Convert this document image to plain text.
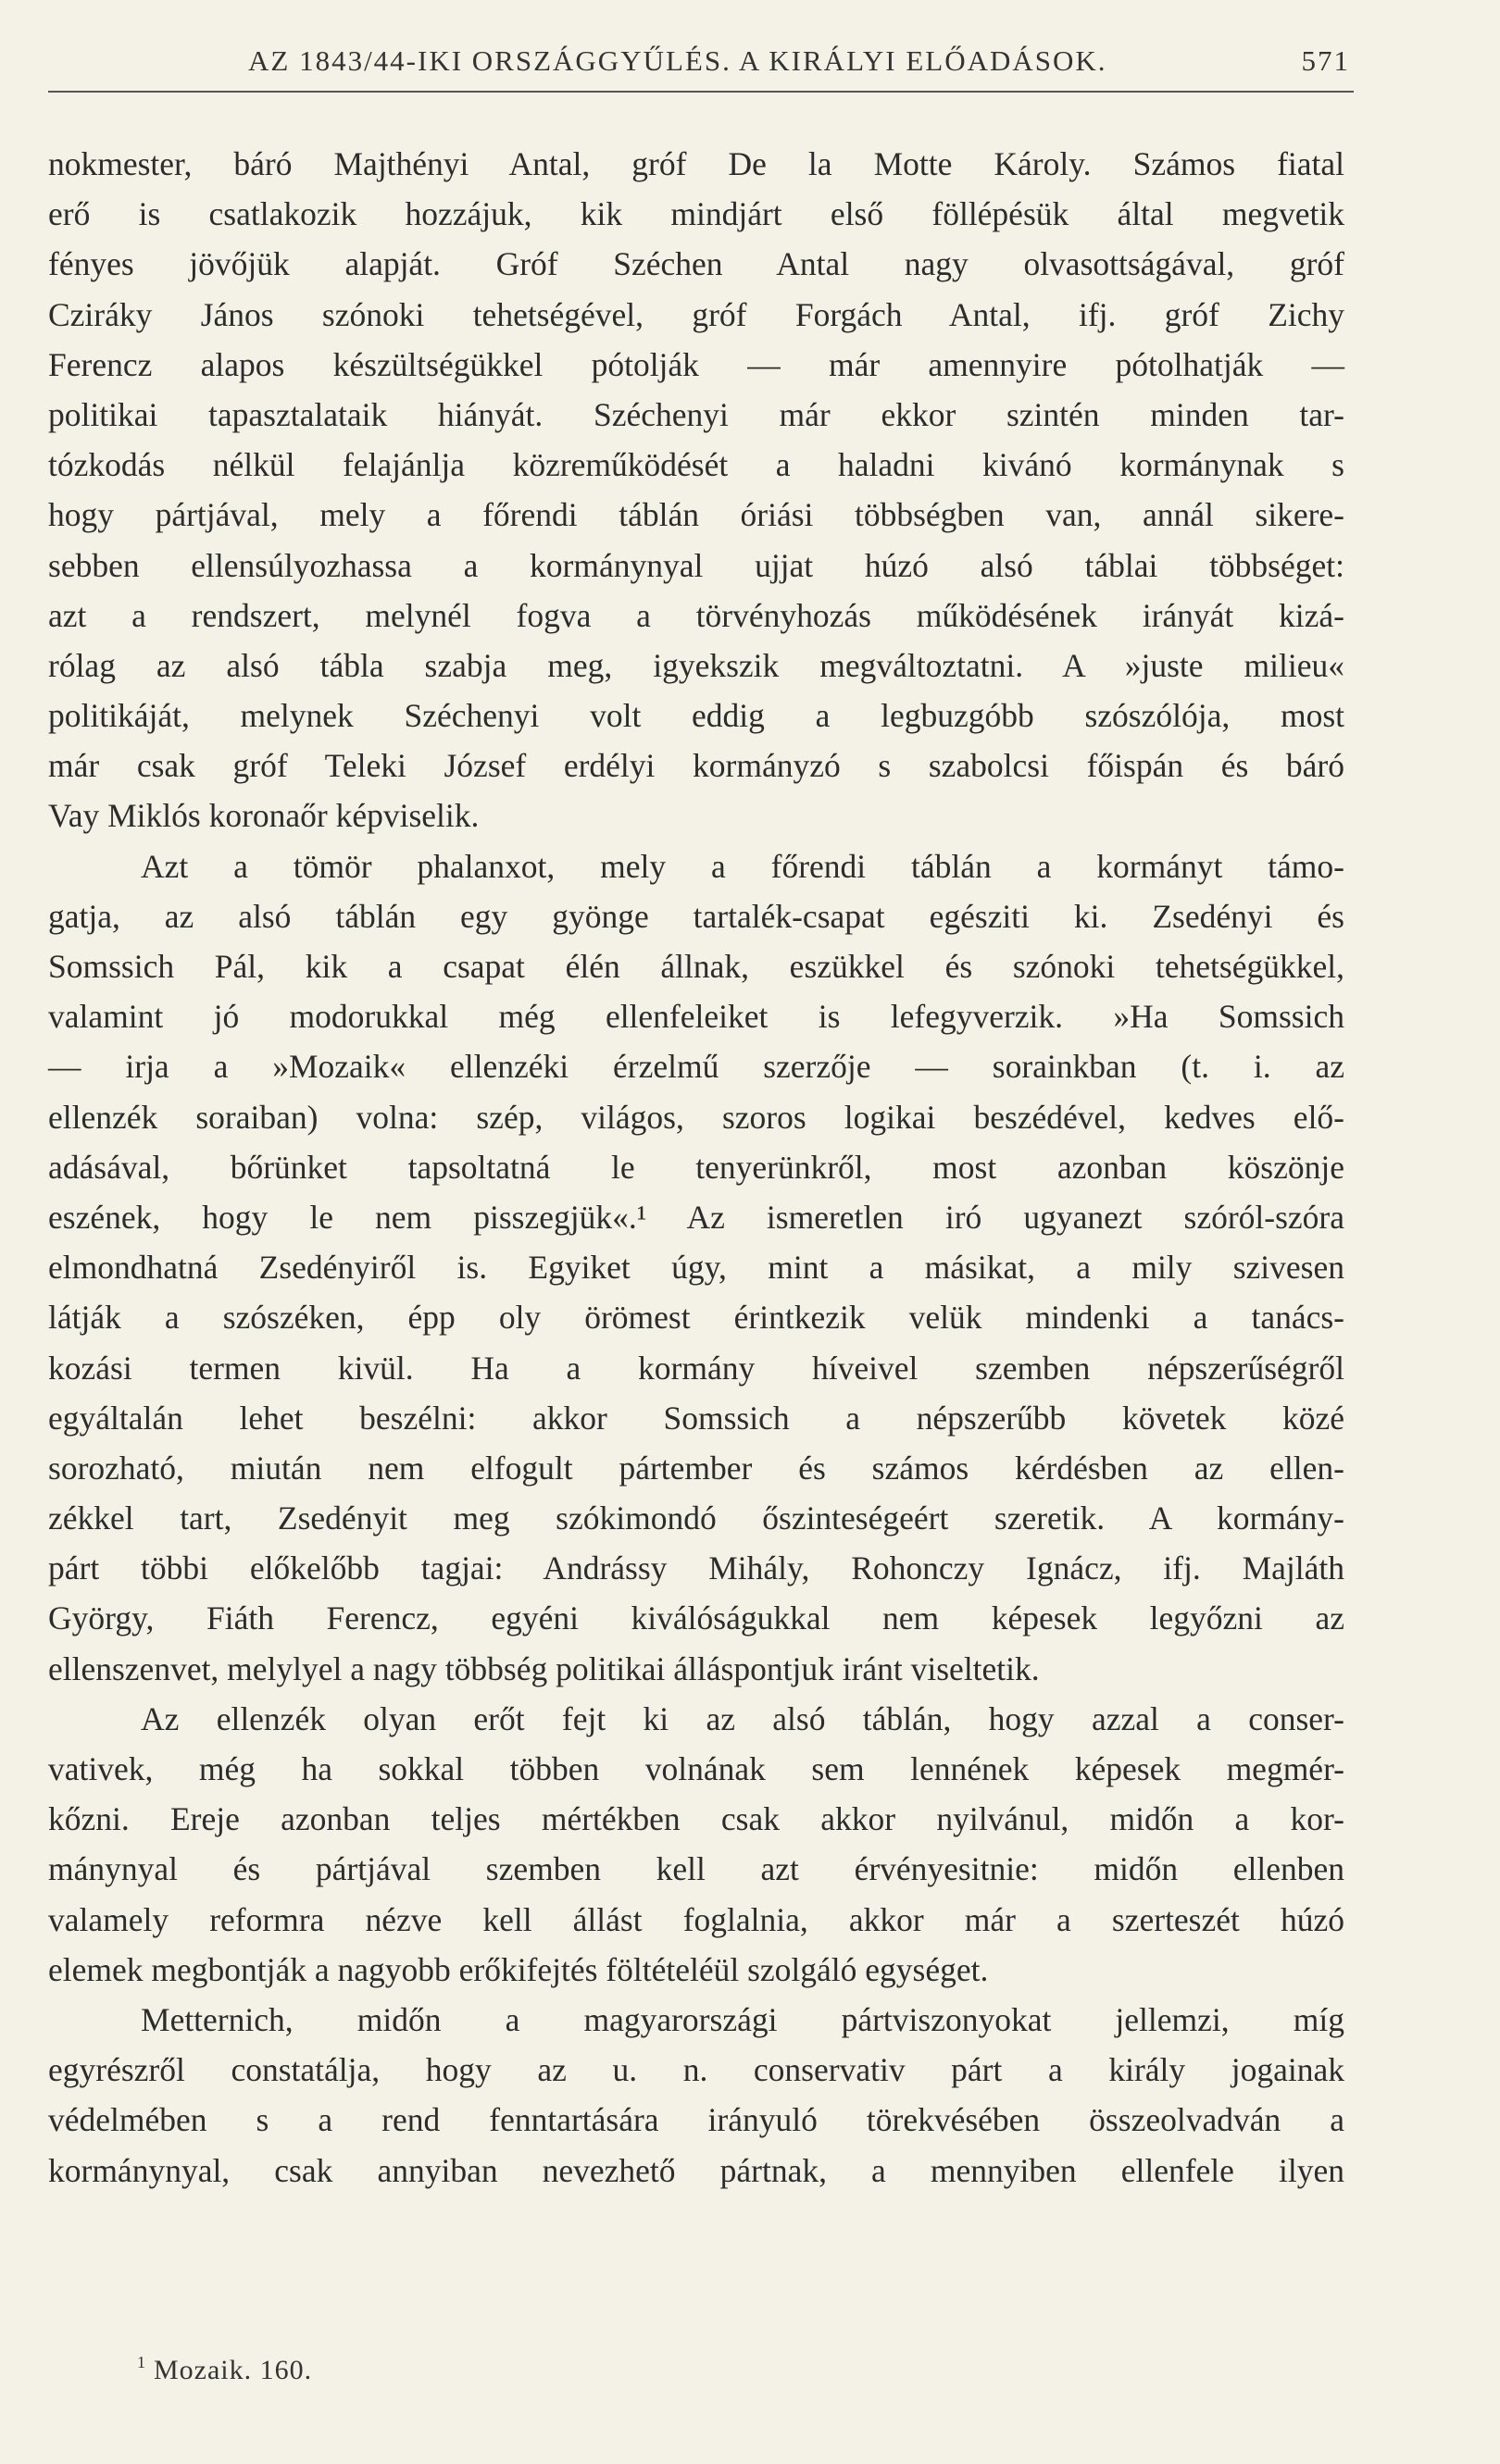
AZ 1843/44-IKI ORSZÁGGYŰLÉS. A KIRÁLYI ELŐADÁSOK.	571
nokmester, báró Majthényi Antal, gróf De la Motte Károly. Számos fiatal
erő is csatlakozik hozzájuk, kik mindjárt első föllépésük által megvetik
fényes jövőjük alapját. Gróf Széchen Antal nagy olvasottságával, gróf
Cziráky János szónoki tehetségével, gróf Forgách Antal, ifj. gróf Zichy
Ferencz alapos készültségükkel pótolják — már amennyire pótolhatják —
politikai tapasztalataik hiányát. Széchenyi már ekkor szintén minden tar-
tózkodás nélkül felajánlja közreműködését a haladni kivánó kormánynak s
hogy pártjával, mely a főrendi táblán óriási többségben van, annál sikere-
sebben ellensúlyozhassa a kormánynyal ujjat húzó alsó táblai többséget:
azt a rendszert, melynél fogva a törvényhozás működésének irányát kizá-
rólag az alsó tábla szabja meg, igyekszik megváltoztatni. A »juste milieu«
politikáját, melynek Széchenyi volt eddig a legbuzgóbb szószólója, most
már csak gróf Teleki József erdélyi kormányzó s szabolcsi főispán és báró
Vay Miklós koronaőr képviselik.
Azt a tömör phalanxot, mely a főrendi táblán a kormányt támo-
gatja, az alsó táblán egy gyönge tartalék-csapat egésziti ki. Zsedényi és
Somssich Pál, kik a csapat élén állnak, eszükkel és szónoki tehetségükkel,
valamint jó modorukkal még ellenfeleiket is lefegyverzik. »Ha Somssich
— irja a »Mozaik« ellenzéki érzelmű szerzője — sorainkban (t. i. az
ellenzék soraiban) volna: szép, világos, szoros logikai beszédével, kedves elő-
adásával, bőrünket tapsoltatná le tenyerünkről, most azonban köszönje
eszének, hogy le nem pisszegjük«.¹ Az ismeretlen iró ugyanezt szóról-szóra
elmondhatná Zsedényiről is. Egyiket úgy, mint a másikat, a mily szivesen
látják a szószéken, épp oly örömest érintkezik velük mindenki a tanács-
kozási termen kivül. Ha a kormány híveivel szemben népszerűségről
egyáltalán lehet beszélni: akkor Somssich a népszerűbb követek közé
sorozható, miután nem elfogult pártember és számos kérdésben az ellen-
zékkel tart, Zsedényit meg szókimondó őszinteségeért szeretik. A kormány-
párt többi előkelőbb tagjai: Andrássy Mihály, Rohonczy Ignácz, ifj. Majláth
György, Fiáth Ferencz, egyéni kiválóságukkal nem képesek legyőzni az
ellenszenvet, melylyel a nagy többség politikai álláspontjuk iránt viseltetik.
Az ellenzék olyan erőt fejt ki az alsó táblán, hogy azzal a conser-
vativek, még ha sokkal többen volnának sem lennének képesek megmér-
kőzni. Ereje azonban teljes mértékben csak akkor nyilvánul, midőn a kor-
mánynyal és pártjával szemben kell azt érvényesitnie: midőn ellenben
valamely reformra nézve kell állást foglalnia, akkor már a szerteszét húzó
elemek megbontják a nagyobb erőkifejtés föltételéül szolgáló egységet.
Metternich, midőn a magyarországi pártviszonyokat jellemzi, míg
egyrészről constatálja, hogy az u. n. conservativ párt a király jogainak
védelmében s a rend fenntartására irányuló törekvésében összeolvadván a
kormánynyal, csak annyiban nevezhető pártnak, a mennyiben ellenfele ilyen
$^1$ Mozaik. 160.
